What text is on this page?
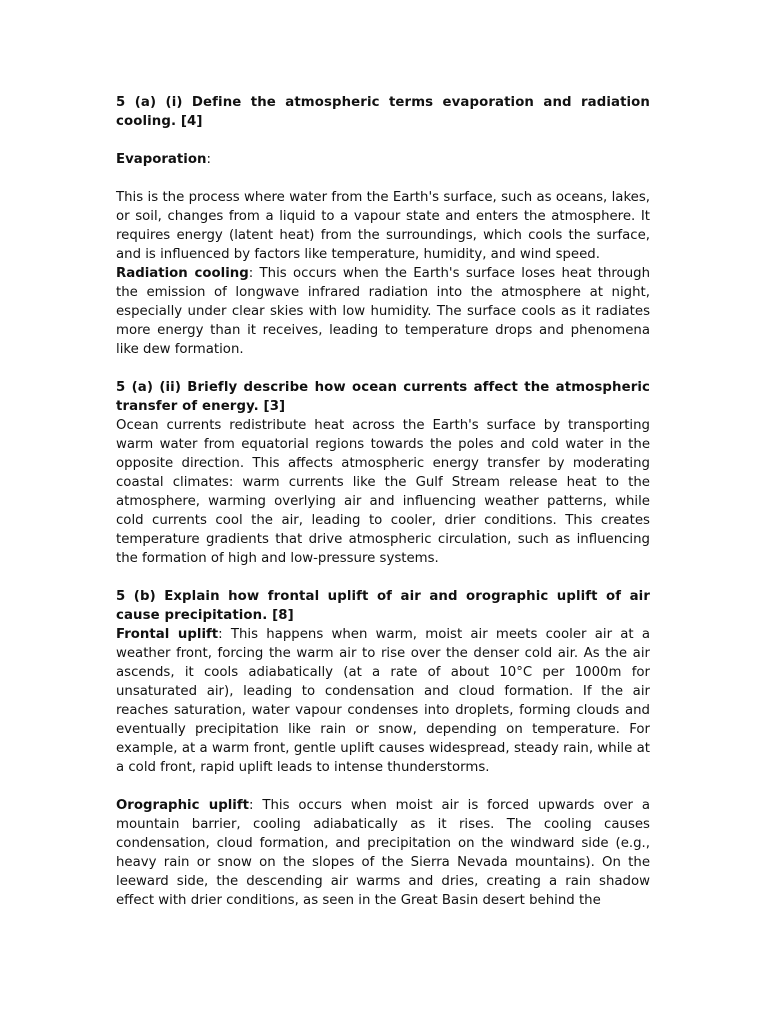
5 (a) (i) Define the atmospheric terms evaporation and radiation cooling. [4]

Evaporation:

This is the process where water from the Earth's surface, such as oceans, lakes, or soil, changes from a liquid to a vapour state and enters the atmosphere. It requires energy (latent heat) from the surroundings, which cools the surface, and is influenced by factors like temperature, humidity, and wind speed.

Radiation cooling: This occurs when the Earth's surface loses heat through the emission of longwave infrared radiation into the atmosphere at night, especially under clear skies with low humidity. The surface cools as it radiates more energy than it receives, leading to temperature drops and phenomena like dew formation.

5 (a) (ii) Briefly describe how ocean currents affect the atmospheric transfer of energy. [3]

Ocean currents redistribute heat across the Earth's surface by transporting warm water from equatorial regions towards the poles and cold water in the opposite direction. This affects atmospheric energy transfer by moderating coastal climates: warm currents like the Gulf Stream release heat to the atmosphere, warming overlying air and influencing weather patterns, while cold currents cool the air, leading to cooler, drier conditions. This creates temperature gradients that drive atmospheric circulation, such as influencing the formation of high and low-pressure systems.

5 (b) Explain how frontal uplift of air and orographic uplift of air cause precipitation. [8]

Frontal uplift: This happens when warm, moist air meets cooler air at a weather front, forcing the warm air to rise over the denser cold air. As the air ascends, it cools adiabatically (at a rate of about 10°C per 1000m for unsaturated air), leading to condensation and cloud formation. If the air reaches saturation, water vapour condenses into droplets, forming clouds and eventually precipitation like rain or snow, depending on temperature. For example, at a warm front, gentle uplift causes widespread, steady rain, while at a cold front, rapid uplift leads to intense thunderstorms.

Orographic uplift: This occurs when moist air is forced upwards over a mountain barrier, cooling adiabatically as it rises. The cooling causes condensation, cloud formation, and precipitation on the windward side (e.g., heavy rain or snow on the slopes of the Sierra Nevada mountains). On the leeward side, the descending air warms and dries, creating a rain shadow effect with drier conditions, as seen in the Great Basin desert behind the
